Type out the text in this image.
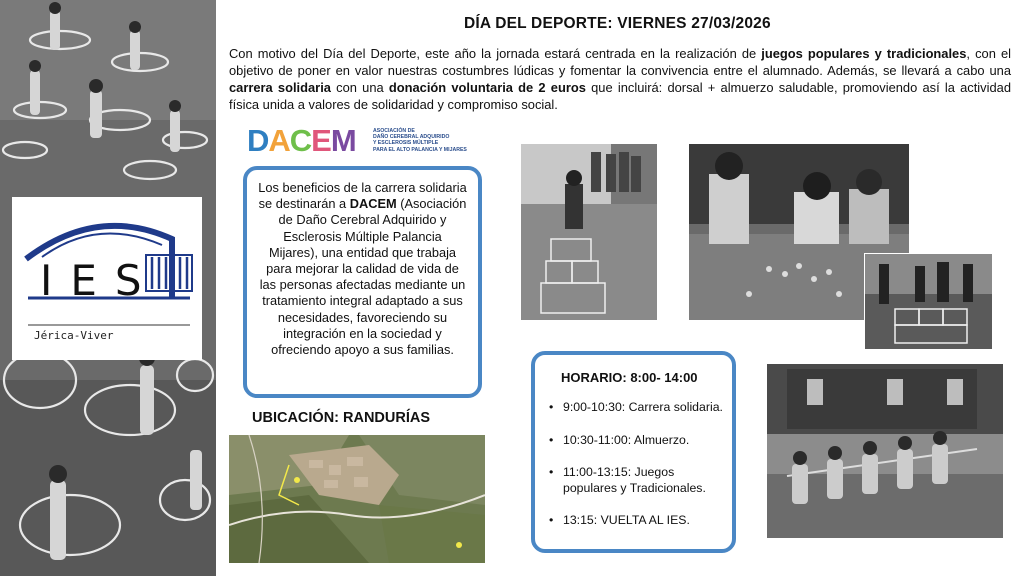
IES
Jérica-Viver
DÍA DEL DEPORTE: VIERNES 27/03/2026

Con motivo del Día del Deporte, este año la jornada estará centrada en la realización de juegos populares y tradicionales, con el objetivo de poner en valor nuestras costumbres lúdicas y fomentar la convivencia entre el alumnado. Además, se llevará a cabo una carrera solidaria con una donación voluntaria de 2 euros que incluirá: dorsal + almuerzo saludable, promoviendo así la actividad física unida a valores de solidaridad y compromiso social.

DACEM	ASOCIACIÓN DE
DAÑO CEREBRAL ADQUIRIDO
Y ESCLEROSIS MÚLTIPLE
PARA EL ALTO PALANCIA Y MIJARES

Los beneficios de la carrera solidaria se destinarán a DACEM (Asociación de Daño Cerebral Adquirido y Esclerosis Múltiple Palancia Mijares), una entidad que trabaja para mejorar la calidad de vida de las personas afectadas mediante un tratamiento integral adaptado a sus necesidades, favoreciendo su integración en la sociedad y ofreciendo apoyo a sus familias.

UBICACIÓN: RANDURÍAS
HORARIO: 8:00- 14:00
• 9:00-10:30: Carrera solidaria.
• 10:30-11:00: Almuerzo.
• 11:00-13:15: Juegos populares y Tradicionales.
• 13:15: VUELTA AL IES.
